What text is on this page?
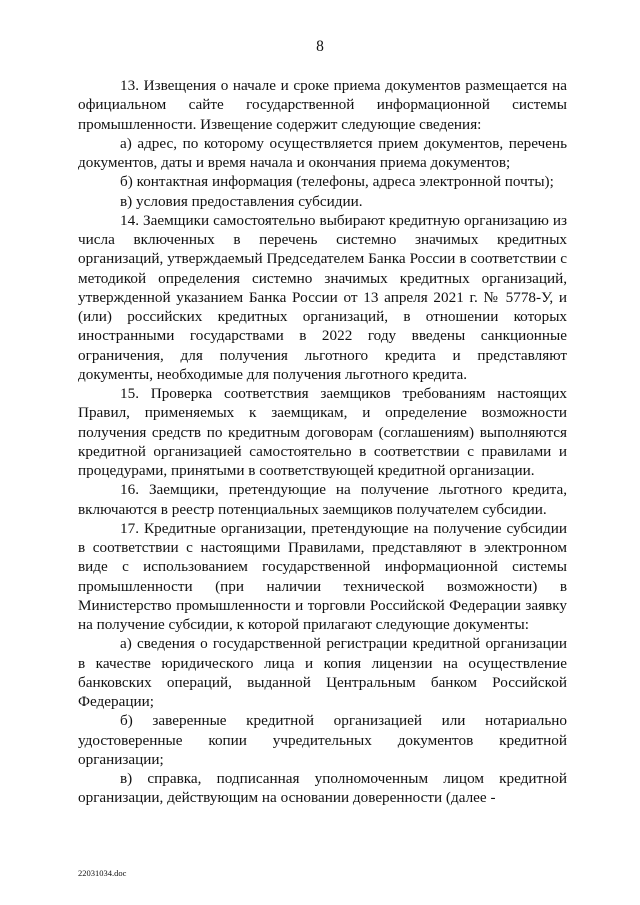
8

13. Извещения о начале и сроке приема документов размещается на официальном сайте государственной информационной системы промышленности. Извещение содержит следующие сведения:

а) адрес, по которому осуществляется прием документов, перечень документов, даты и время начала и окончания приема документов;

б) контактная информация (телефоны, адреса электронной почты);

в) условия предоставления субсидии.

14. Заемщики самостоятельно выбирают кредитную организацию из числа включенных в перечень системно значимых кредитных организаций, утверждаемый Председателем Банка России в соответствии с методикой определения системно значимых кредитных организаций, утвержденной указанием Банка России от 13 апреля 2021 г. № 5778-У, и (или) российских кредитных организаций, в отношении которых иностранными государствами в 2022 году введены санкционные ограничения, для получения льготного кредита и представляют документы, необходимые для получения льготного кредита.

15. Проверка соответствия заемщиков требованиям настоящих Правил, применяемых к заемщикам, и определение возможности получения средств по кредитным договорам (соглашениям) выполняются кредитной организацией самостоятельно в соответствии с правилами и процедурами, принятыми в соответствующей кредитной организации.

16. Заемщики, претендующие на получение льготного кредита, включаются в реестр потенциальных заемщиков получателем субсидии.

17. Кредитные организации, претендующие на получение субсидии в соответствии с настоящими Правилами, представляют в электронном виде с использованием государственной информационной системы промышленности (при наличии технической возможности) в Министерство промышленности и торговли Российской Федерации заявку на получение субсидии, к которой прилагают следующие документы:

а) сведения о государственной регистрации кредитной организации в качестве юридического лица и копия лицензии на осуществление банковских операций, выданной Центральным банком Российской Федерации;

б) заверенные кредитной организацией или нотариально удостоверенные копии учредительных документов кредитной организации;

в) справка, подписанная уполномоченным лицом кредитной организации, действующим на основании доверенности (далее -

22031034.doc
